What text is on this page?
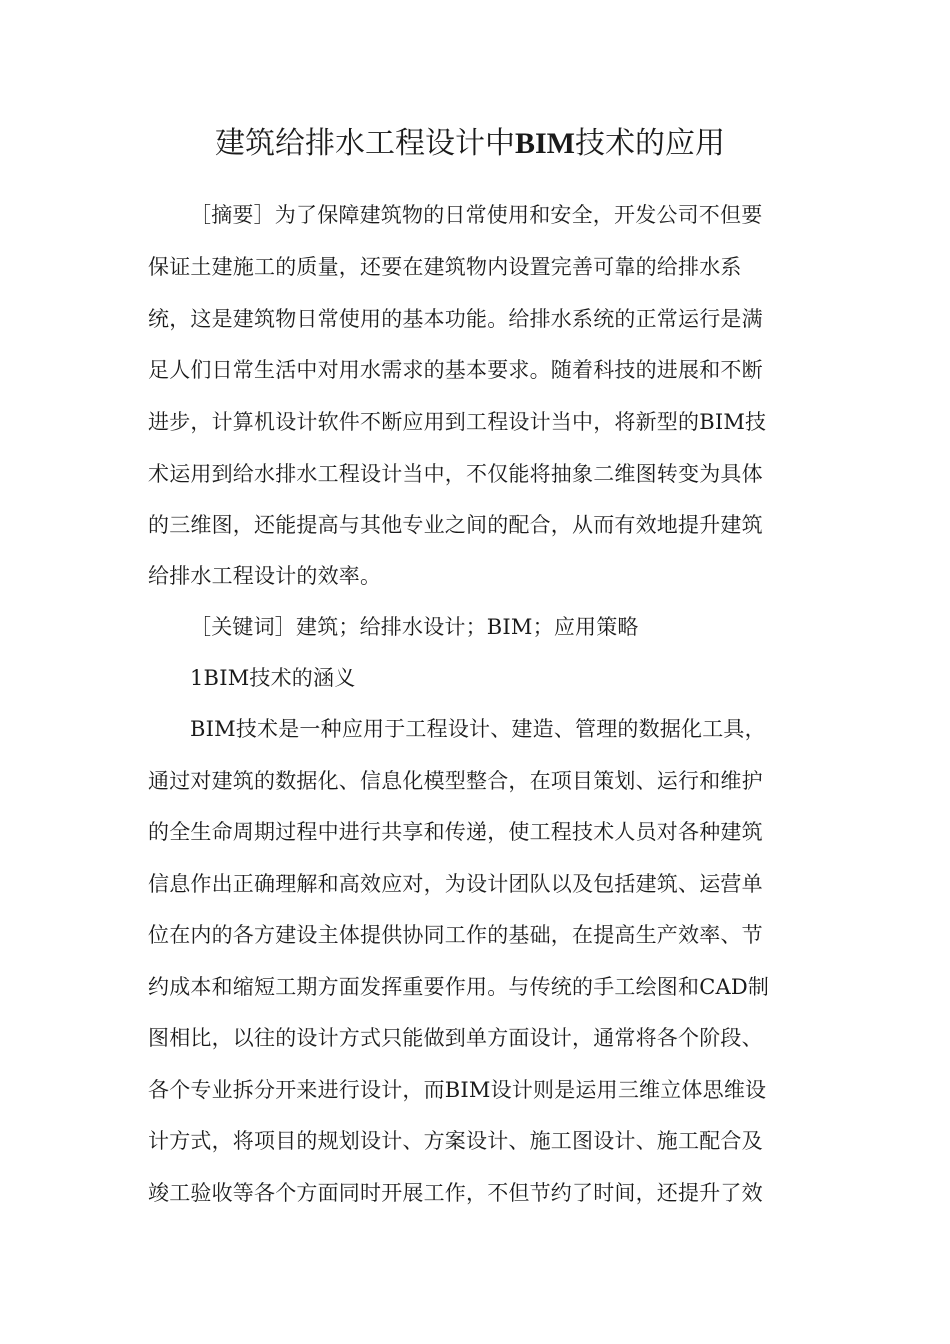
建筑给排水工程设计中BIM技术的应用
［摘要］为了保障建筑物的日常使用和安全，开发公司不但要
保证土建施工的质量，还要在建筑物内设置完善可靠的给排水系
统，这是建筑物日常使用的基本功能。给排水系统的正常运行是满
足人们日常生活中对用水需求的基本要求。随着科技的进展和不断
进步，计算机设计软件不断应用到工程设计当中，将新型的BIM技
术运用到给水排水工程设计当中，不仅能将抽象二维图转变为具体
的三维图，还能提高与其他专业之间的配合，从而有效地提升建筑
给排水工程设计的效率。
［关键词］建筑；给排水设计；BIM；应用策略
1BIM技术的涵义
BIM技术是一种应用于工程设计、建造、管理的数据化工具，
通过对建筑的数据化、信息化模型整合，在项目策划、运行和维护
的全生命周期过程中进行共享和传递，使工程技术人员对各种建筑
信息作出正确理解和高效应对，为设计团队以及包括建筑、运营单
位在内的各方建设主体提供协同工作的基础，在提高生产效率、节
约成本和缩短工期方面发挥重要作用。与传统的手工绘图和CAD制
图相比，以往的设计方式只能做到单方面设计，通常将各个阶段、
各个专业拆分开来进行设计，而BIM设计则是运用三维立体思维设
计方式，将项目的规划设计、方案设计、施工图设计、施工配合及
竣工验收等各个方面同时开展工作，不但节约了时间，还提升了效
